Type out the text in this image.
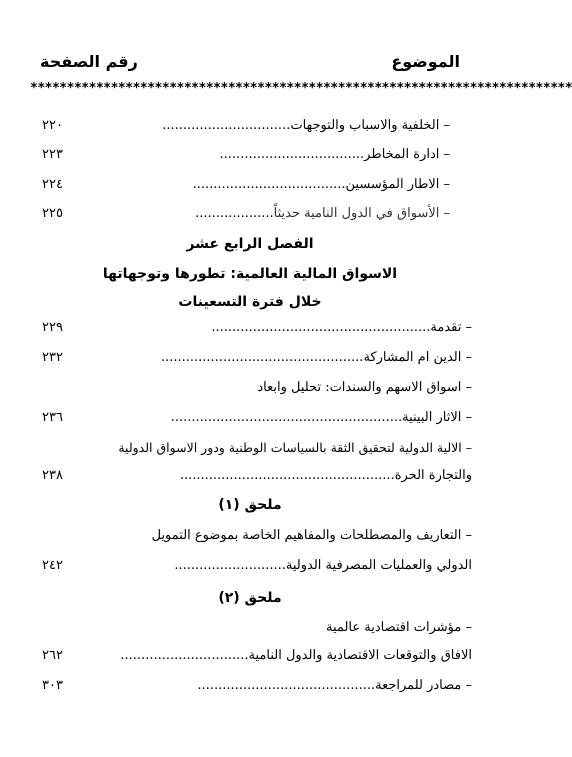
الموضوع
رقم الصفحة
**************************************************************************
– الخلفية والاسباب والتوجهات...............................
٢٢٠
– ادارة المخاطر...................................
٢٢٣
– الاطار المؤسسين.....................................
٢٢٤
– الأسواق في الدول النامية حديثاً...................
٢٢٥
الفصل الرابع عشر
الاسواق المالية العالمية: تطورها وتوجهاتها
خلال فترة التسعينات
– تقدمة.....................................................
٢٢٩
– الدين ام المشاركة.................................................
٢٣٢
– اسواق الاسهم والسندات: تحليل وابعاد
– الاثار البينية........................................................
٢٣٦
– الالية الدولية لتحقيق الثقة بالسياسات الوطنية ودور الاسواق الدولية
والتجارة الحرة....................................................
٢٣٨
ملحق (١)
– التعاريف والمصطلحات والمفاهيم الخاصة بموضوع التمويل
الدولي والعمليات المصرفية الدولية...........................
٢٤٢
ملحق (٢)
– مؤشرات اقتصادية عالمية
الافاق والتوقعات الاقتصادية والدول النامية...............................
٢٦٢
– مصادر للمراجعة...........................................
٣٠٣
